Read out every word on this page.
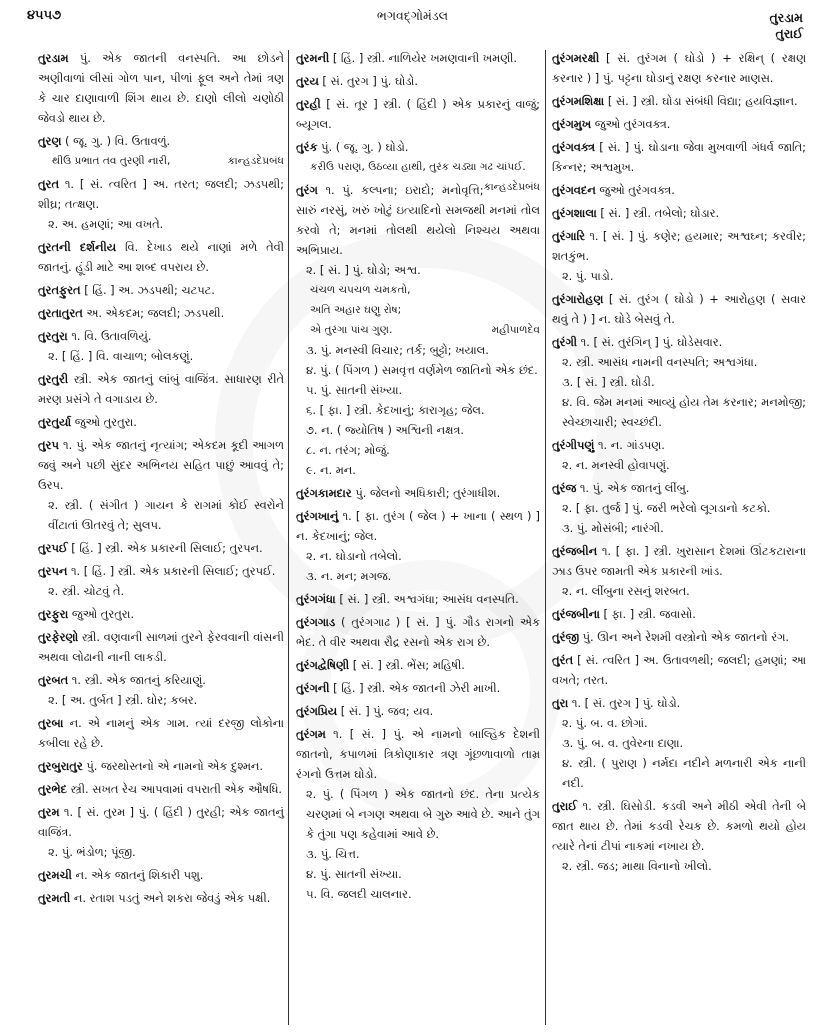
૪૫૫૭	ભગવદ્ગોમંડલ	તુરડામ
તુરાઈ
તુરડામ પું. એક જાતની વનસ્પતિ. આ છોડને અણીવાળાં લીસાં ગોળ પાન, પીળાં ફૂલ અને તેમાં ત્રણ કે ચાર દાણાવાળી શિંગ થાય છે. દાણો લીલો ચણોઠી જેવડો થાય છે.
તુરણ ( જૂ. ગુ. ) વિ. ઉતાવળું.
થીઉ પ્રભાત તવ તુરણી નારી,	કાન્હડદેપ્રબંધ
તુરત ૧. [ સં. ત્વરિત ] અ. તરત; જલદી; ઝડપથી; શીઘ્ર; તત્ક્ષણ.
૨. અ. હમણાં; આ વખતે.
તુરતની દર્શનીય વિ. દેખાડ થયે નાણાં મળે તેવી જાતનું. હૂંડી માટે આ શબ્દ વપરાય છે.
તુરતફુરત [ હિં. ] અ. ઝડપથી; ચટપટ.
તુરતાતુરત અ. એકદમ; જલદી; ઝડપથી.
તુરતુરા ૧. વિ. ઉતાવળિયું.
૨. [ હિં. ] વિ. વાચાળ; બોલકણું.
તુરતુરી સ્ત્રી. એક જાતનું લાંબું વાજિંત્ર. સાધારણ રીતે મરણ પ્રસંગે તે વગાડાય છે.
તુરતુર્યા જુઓ તુરતુરા.
તુરપ ૧. પું. એક જાતનું નૃત્યાંગ; એકદમ કૂદી આગળ જવું અને પછી સુંદર અભિનય સહિત પાછું આવવું તે; ઉરપ.
૨. સ્ત્રી. ( સંગીત ) ગાયન કે રાગમાં કોઈ સ્વરોને વીંટાતાં ઊતરવું તે; સુલપ.
તુરપઈ [ હિં. ] સ્ત્રી. એક પ્રકારની સિલાઈ; તુરપન.
તુરપન ૧. [ હિં. ] સ્ત્રી. એક પ્રકારની સિલાઈ; તુરપઈ.
૨. સ્ત્રી. ચોટવું તે.
તુરફુરા જુઓ તુરતુરા.
તુરફેરણો સ્ત્રી. વણવાની સાળમાં તુરને ફેરવવાની વાંસની અથવા લોઢાની નાની લાકડી.
તુરબત ૧. સ્ત્રી. એક જાતનું કરિયાણું.
૨. [ અ. તુર્બત ] સ્ત્રી. ઘોર; કબર.
તુરબા ન. એ નામનું એક ગામ. ત્યાં દરજી લોકોના કબીલા રહે છે.
તુરબુરાતુર પું. જરથોસ્તનો એ નામનો એક દુશ્મન.
તુરભેદ સ્ત્રી. સખત રેચ આપવામાં વપરાતી એક ઔષધિ.
તુરમ ૧. [ સં. તુરમ ] પું. ( હિંદી ) તુરહી; એક જાતનું વાજિંત્ર.
૨. પું. ભંડોળ; પૂંજી.
તુરમચી ન. એક જાતનું શિકારી પશુ.
તુરમતી ન. રતાશ પડતું અને શકરા જેવડું એક પક્ષી.
તુરમની [ હિં. ] સ્ત્રી. નાળિયેર ખમણવાની ખમણી.
તુરય [ સં. તુરગ ] પું. ઘોડો.
તુરહી [ સં. તૂર ] સ્ત્રી. ( હિંદી ) એક પ્રકારનું વાજું; બ્યૂગલ.
તુરંક પું. ( જૂ. ગુ. ) ઘોડો.
કરીઉ પરાણ, ઉઠવ્યા હાથી, તુરંક ચડ્યા ગઢ ચાંપઈ.
કાન્હડદેપ્રબંધ
તુરંગ ૧. પું. કલ્પના; ઇરાદો; મનોવૃત્તિ; સારું નરસું, ખરું ખોટું ઇત્યાદિનો સમજથી મનમાં તોલ કરવો તે; મનમાં તોલથી થયેલો નિશ્ચય અથવા અભિપ્રાય.
૨. [ સં. ] પું. ઘોડો; અશ્વ.
ચંચળ ચપચળ ચમકતો,
અતિ અહાર ઘણુ રોષ;
એ તુરંગા પાંચ ગુણ.	મહીપાળદેવ
૩. પું. મનસ્વી વિચાર; તર્ક; બુટ્ટો; ખયાલ.
૪. પું. ( પિંગળ ) સમવૃત્ત વર્ણમેળ જાતિનો એક છંદ.
૫. પું. સાતની સંખ્યા.
૬. [ ફા. ] સ્ત્રી. કેદખાનું; કારાગૃહ; જેલ.
૭. ન. ( જ્યોતિષ ) અશ્વિની નક્ષત્ર.
૮. ન. તરંગ; મોજું.
૯. ન. મન.
તુરંગકામદાર પું. જેલનો અધિકારી; તુરંગાધીશ.
તુરંગખાનું ૧. [ ફા. તુરંગ ( જેલ ) + ખાના ( સ્થળ ) ] ન. કેદખાનું; જેલ.
૨. ન. ઘોડાનો તબેલો.
૩. ન. મન; મગજ.
તુરંગગંધા [ સં. ] સ્ત્રી. અશ્વગંધા; આસંધ વનસ્પતિ.
તુરંગગાડ ( તુરંગગાઢ ) [ સં. ] પું. ગૌડ રાગનો એક ભેદ. તે વીર અથવા રૌદ્ર રસનો એક રાગ છે.
તુરંગદ્વેષિણી [ સં. ] સ્ત્રી. ભેંસ; મહિષી.
તુરંગની [ હિં. ] સ્ત્રી. એક જાતની ઝેરી માખી.
તુરંગપ્રિય [ સં. ] પું. જવ; યવ.
તુરંગમ ૧. [ સં. ] પું. એ નામનો બાલ્હિક દેશની જાતનો, કપાળમાં ત્રિકોણાકાર ત્રણ ગૂંછળાવાળો તામ્ર રંગનો ઉત્તમ ઘોડો.
૨. પું. ( પિંગળ ) એક જાતનો છંદ. તેના પ્રત્યેક ચરણમાં બે નગણ અથવા બે ગુરુ આવે છે. આને તુંગ કે તુંગા પણ કહેવામાં આવે છે.
૩. પું. ચિત્ત.
૪. પું. સાતની સંખ્યા.
૫. વિ. જલદી ચાલનાર.
તુરંગમરક્ષી [ સં. તુરંગમ ( ઘોડો ) + રક્ષિન્ ( રક્ષણ કરનાર ) ] પું. પટ્ટના ઘોડાનું રક્ષણ કરનાર માણસ.
તુરંગમશિક્ષા [ સં. ] સ્ત્રી. ઘોડા સંબંધી વિદ્યા; હયવિજ્ઞાન.
તુરંગમુખ જુઓ તુરંગવક્ત્ર.
તુરંગવક્ત્ર [ સં. ] પું. ઘોડાના જેવા મુખવાળી ગંધર્વ જાતિ; કિન્નર; અશ્વમુખ.
તુરંગવદન જુઓ તુરંગવક્ત્ર.
તુરંગશાલા [ સં. ] સ્ત્રી. તબેલો; ઘોડાર.
તુરંગારિ ૧. [ સં. ] પું. કણેર; હયમાર; અશ્વઘ્ન; કરવીર; શતકુંભ.
૨. પું. પાડો.
તુરંગારોહણ [ સં. તુરંગ ( ઘોડો ) + આરોહણ ( સવાર થવું તે ) ] ન. ઘોડે બેસવું તે.
તુરંગી ૧. [ સં. તુરંગિન્ ] પું. ઘોડેસવાર.
૨. સ્ત્રી. આસંધ નામની વનસ્પતિ; અશ્વગંધા.
૩. [ સં. ] સ્ત્રી. ઘોડી.
૪. વિ. જેમ મનમાં આવ્યું હોય તેમ કરનાર; મનમોજી; સ્વેચ્છાચારી; સ્વચ્છંદી.
તુરંગીપણું ૧. ન. ગાંડપણ.
૨. ન. મનસ્વી હોવાપણું.
તુરંજ ૧. પું. એક જાતનું લીંબુ.
૨. [ ફા. તુર્જ ] પું. જરી ભરેલો લૂગડાનો કટકો.
૩. પું. મોસંબી; નારંગી.
તુરંજબીન ૧. [ ફા. ] સ્ત્રી. ખુરાસાન દેશમાં ઊંટકટારાના ઝાડ ઉપર જામતી એક પ્રકારની ખાંડ.
૨. ન. લીંબુના રસનું શરબત.
તુરંજબીના [ ફા. ] સ્ત્રી. જવાસો.
તુરંજી પું. ઊન અને રેશમી વસ્ત્રોનો એક જાતનો રંગ.
તુરંત [ સં. ત્વરિત ] અ. ઉતાવળથી; જલદી; હમણાં; આ વખતે; તરત.
તુરા ૧. [ સં. તુરગ ] પું. ઘોડો.
૨. પું. બ. વ. છોગાં.
૩. પું. બ. વ. તુવેરના દાણા.
૪. સ્ત્રી. ( પુરાણ ) નર્મદા નદીને મળનારી એક નાની નદી.
તુરાઈ ૧. સ્ત્રી. ઘિસોડી. કડવી અને મીઠી એવી તેની બે જાત થાય છે. તેમાં કડવી રેચક છે. કમળો થયો હોય ત્યારે તેનાં ટીપાં નાકમાં નખાય છે.
૨. સ્ત્રી. જડ; માથા વિનાનો ખીલો.
